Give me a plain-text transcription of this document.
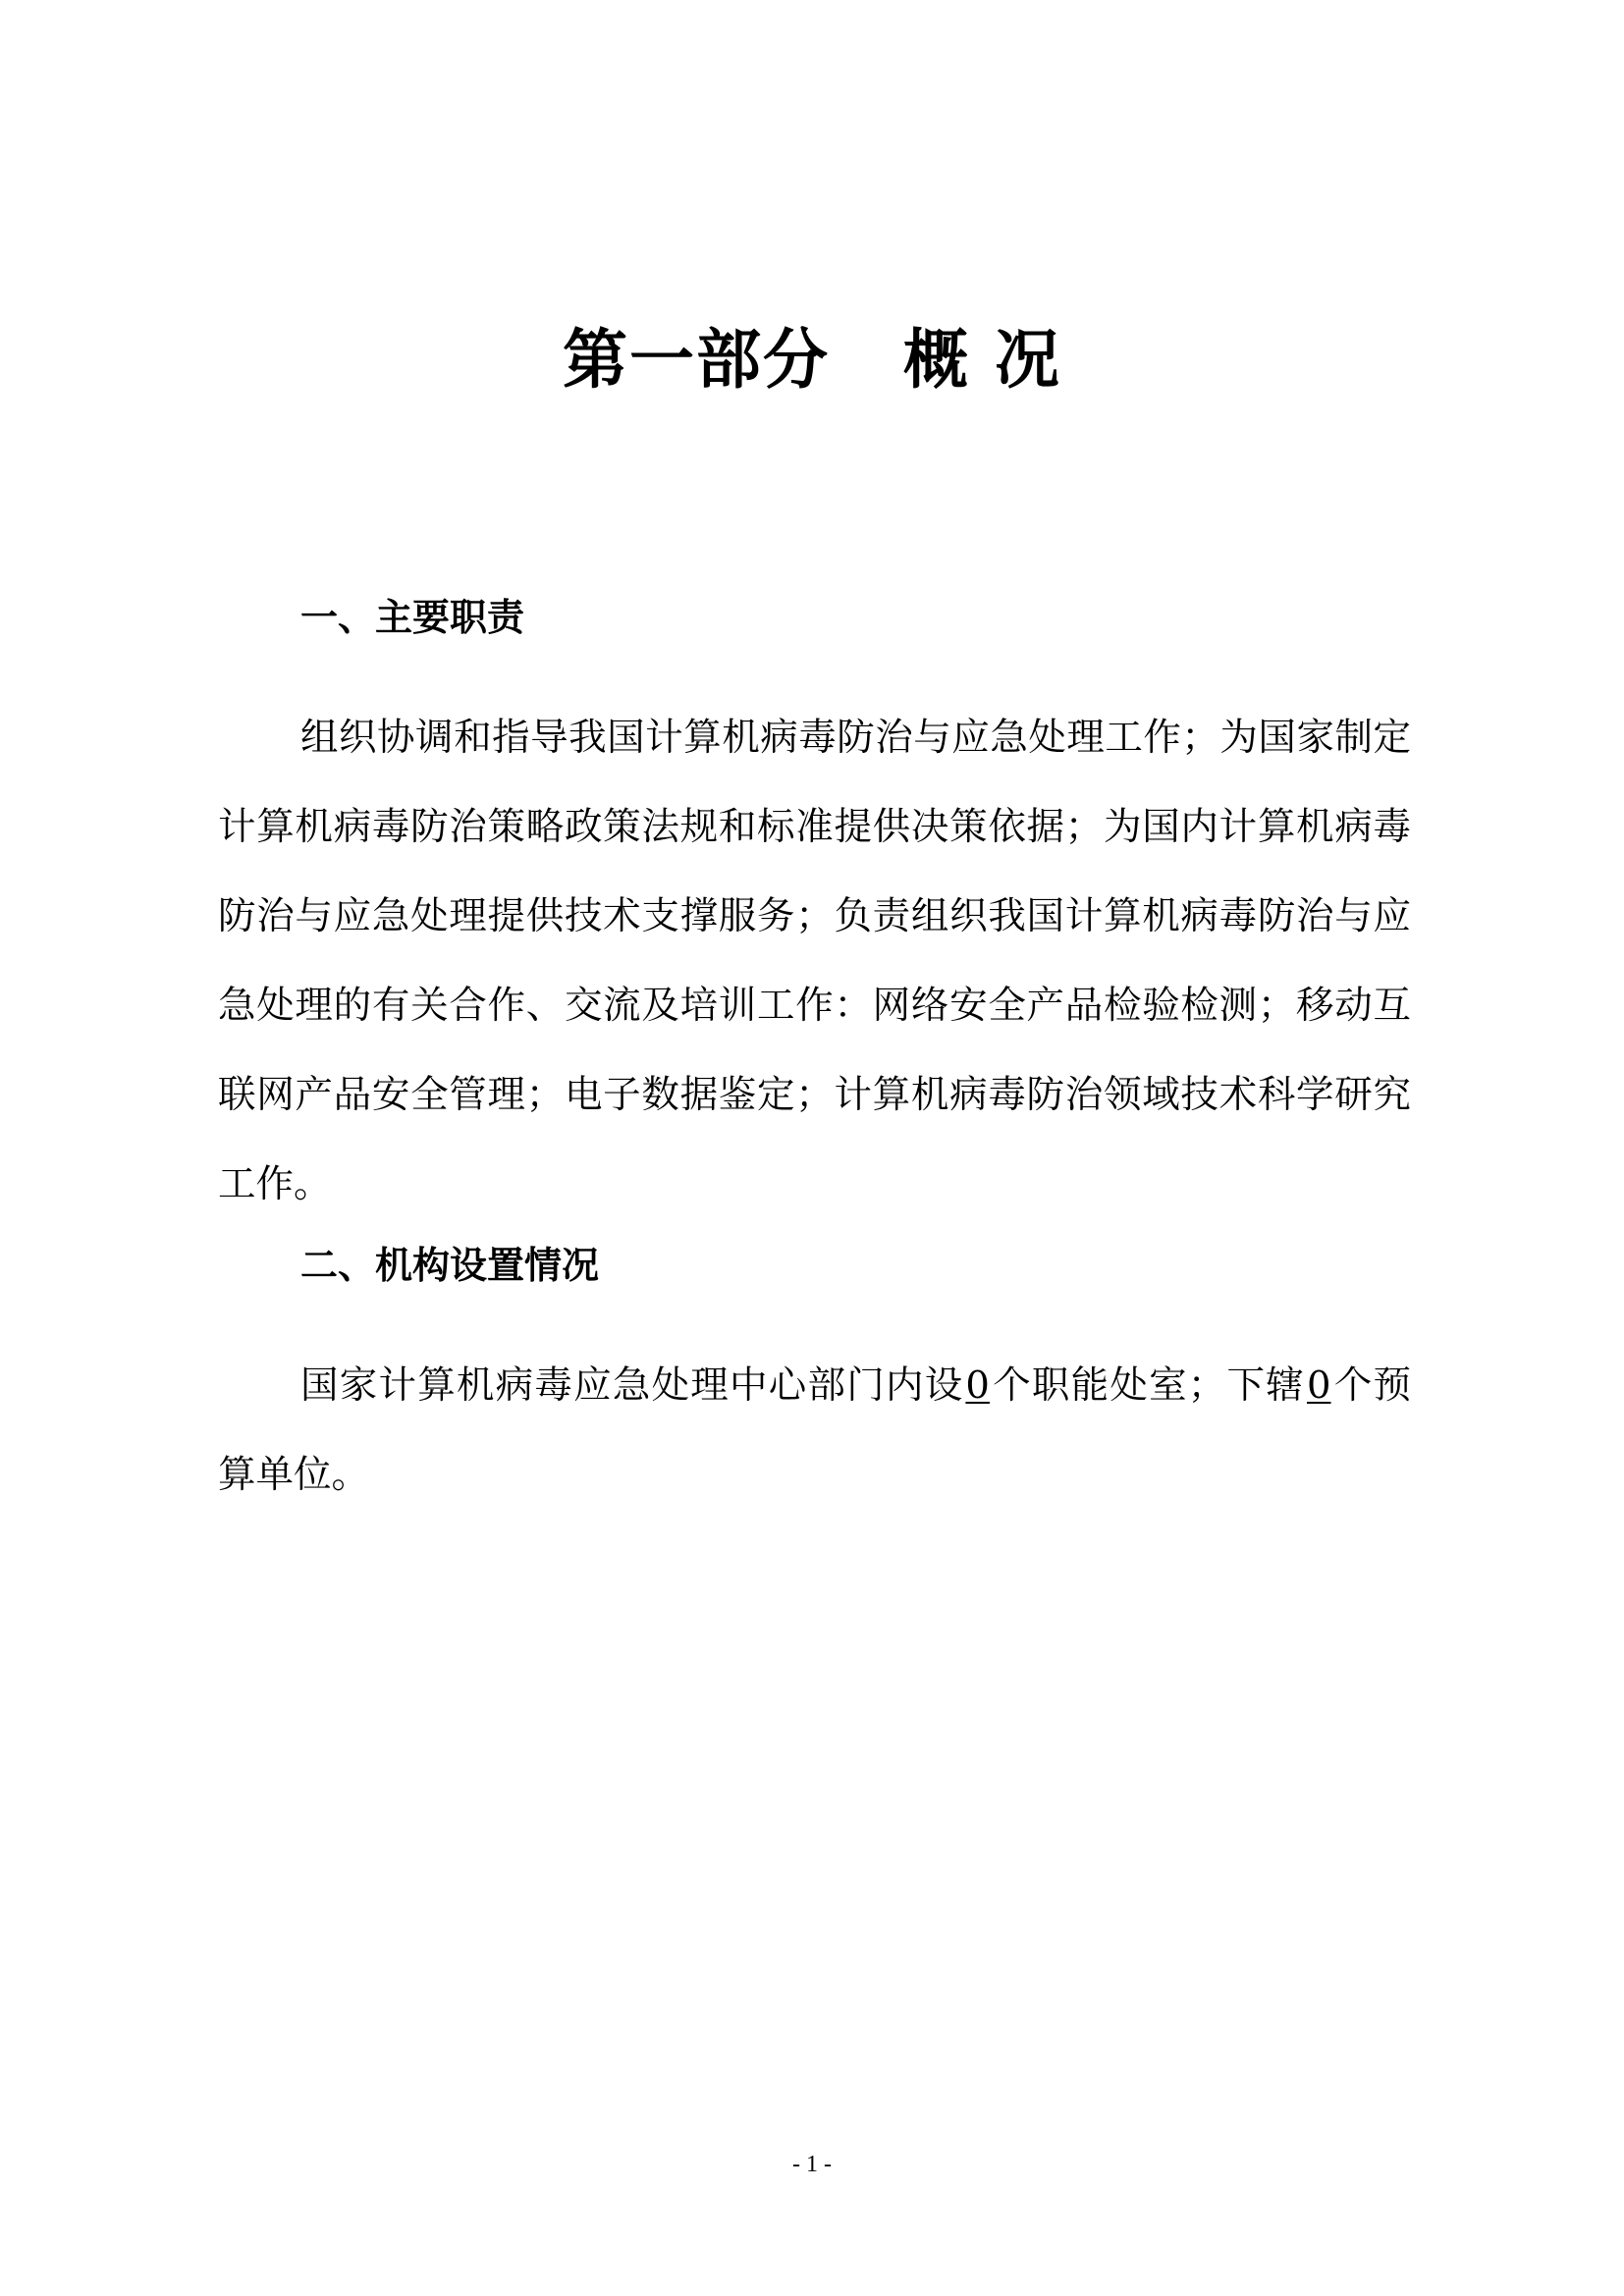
第一部分   概 况
一、主要职责

组织协调和指导我国计算机病毒防治与应急处理工作；为国家制定计算机病毒防治策略政策法规和标准提供决策依据；为国内计算机病毒防治与应急处理提供技术支撑服务；负责组织我国计算机病毒防治与应急处理的有关合作、交流及培训工作：网络安全产品检验检测；移动互联网产品安全管理；电子数据鉴定；计算机病毒防治领域技术科学研究工作。

二、机构设置情况

国家计算机病毒应急处理中心部门内设0个职能处室；下辖0个预算单位。

- 1 -
